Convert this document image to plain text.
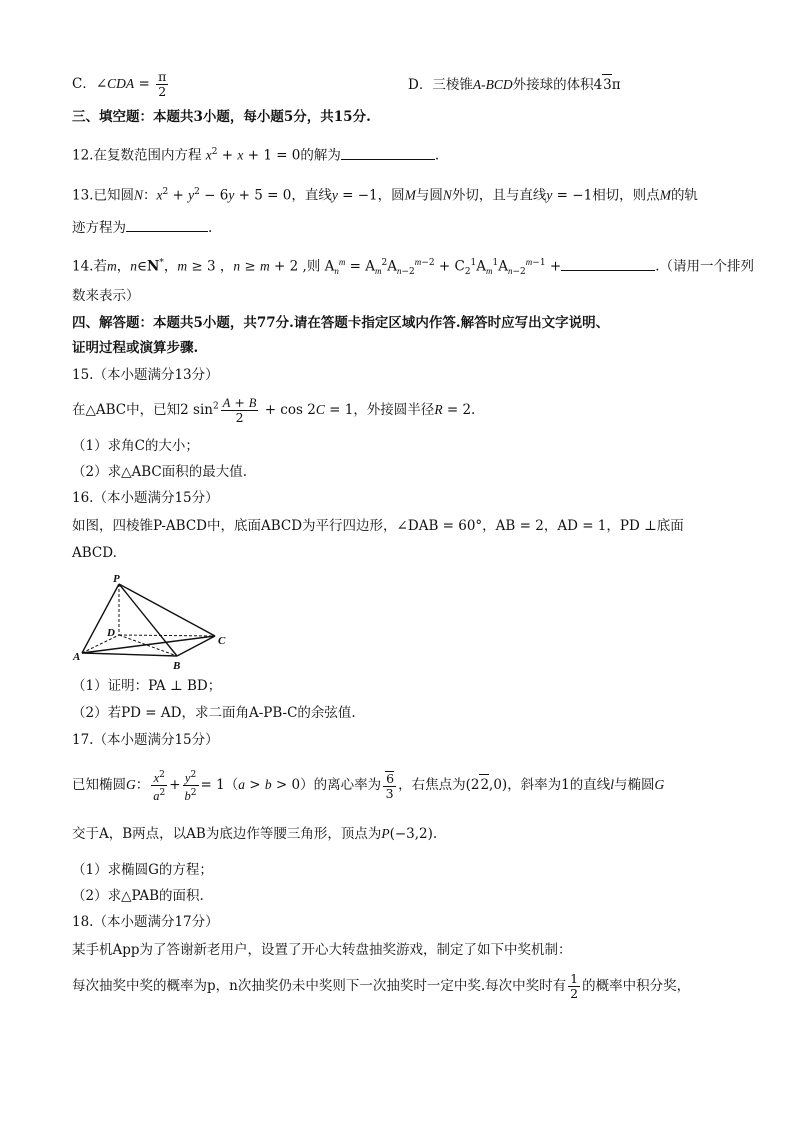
C．∠CDA = $\frac{\pi}{2}$	D．三棱锥A-BCD外接球的体积43π
三、填空题：本题共3小题，每小题5分，共15分.
12.在复数范围内方程 $x^2 + x + 1 = 0$的解为	.
13.已知圆N：$x^2 + y^2 - 6y + 5 = 0$，直线y = −1，圆M与圆N外切，且与直线y = −1相切，则点M的轨
迹方程为	.
14.若m，n∈N*，m ≥ 3 ，n ≥ m + 2 ,则 $A_n^m = A_m^2A_{n-2}^{m-2} + C_2^1A_m^1A_{n-2}^{m-1}$ +	.（请用一个排列
数来表示）
四、解答题：本题共5小题，共77分.请在答题卡指定区域内作答.解答时应写出文字说明、
证明过程或演算步骤.
15.（本小题满分13分）
在△ABC中，已知2 $\sin^2 \frac{A + B}{2} + \cos 2C = 1$，外接圆半径R = 2.
（1）求角C的大小；
（2）求△ABC面积的最大值.
16.（本小题满分15分）
如图，四棱锥P-ABCD中，底面ABCD为平行四边形，∠DAB = 60°，AB = 2，AD = 1，PD ⊥底面
ABCD.
P
D
C
A
B
（1）证明：PA ⊥ BD；
（2）若PD = AD，求二面角A-PB-C的余弦值.
17.（本小题满分15分）
已知椭圆G： $\frac{x^2}{a^2} + \frac{y^2}{b^2} = 1(a > b > 0)$的离心率为 $\frac{6}{3}$ ，右焦点为(22,0)，斜率为1的直线l与椭圆G
交于A，B两点，以AB为底边作等腰三角形，顶点为P(−3,2).
（1）求椭圆G的方程；
（2）求△PAB的面积.
18.（本小题满分17分）
某手机App为了答谢新老用户，设置了开心大转盘抽奖游戏，制定了如下中奖机制：
每次抽奖中奖的概率为p，n次抽奖仍未中奖则下一次抽奖时一定中奖.每次中奖时有 $\frac{1}{2}$ 的概率中积分奖，
